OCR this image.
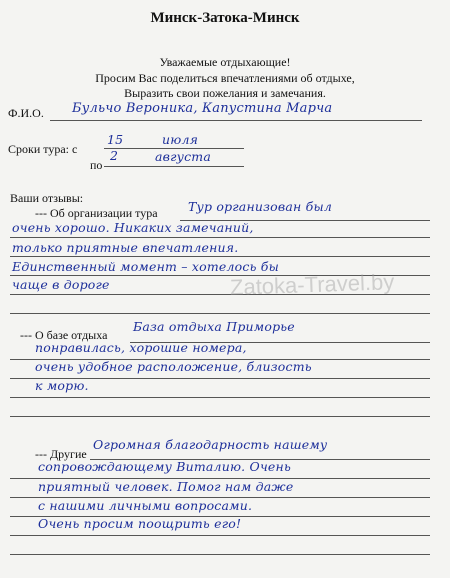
Минск-Затока-Минск
Уважаемые отдыхающие!
Просим Вас поделиться впечатлениями об отдыхе,
Выразить свои пожелания и замечания.
Ф.И.О. Бульчо Вероника, Капустина Марча
Сроки тура: с
15	июля
по
2	августа
Ваши отзывы:
--- Об организации тура Тур организован был
очень хорошо. Никаких замечаний,
только приятные впечатления.
Единственный момент – хотелось бы
чаще в дороге	Zatoka-Travel.by
--- О базе отдыха
База отдыха Приморье
понравилась, хорошие номера,
очень удобное расположение, близость
к морю.
--- Другие
Огромная благодарность нашему
сопровождающему Виталию. Очень
приятный человек. Помог нам даже
с нашими личными вопросами.
Очень просим поощрить его!
